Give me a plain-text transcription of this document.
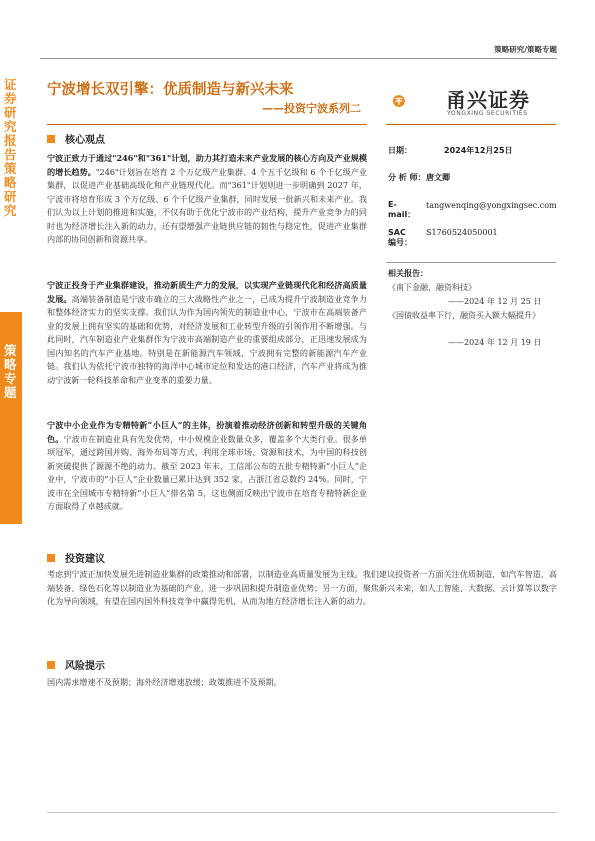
策略研究/策略专题
证券研究报告策略研究
策略专题
宁波增长双引擎：优质制造与新兴未来
——投资宁波系列二	甬兴证券
YONGXING SECURITIES
核心观点
宁波正致力于通过"246"和"361"计划，助力其打造未来产业发展的核心方向及产业规模的增长趋势。"246"计划旨在培育 2 个万亿级产业集群、4 个五千亿级和 6 个千亿级产业集群，以促进产业基础高级化和产业链现代化。而"361"计划则进一步明确到 2027 年，宁波市将培育形成 3 个万亿级、6 个千亿级产业集群，同时发展一批新兴和未来产业。我们认为以上计划的推进和实施，不仅有助于优化宁波市的产业结构，提升产业竞争力的同时也为经济增长注入新的动力，还有望增强产业链供应链的韧性与稳定性，促进产业集群内部的协同创新和资源共享。
宁波正投身于产业集群建设，推动新质生产力的发展，以实现产业链现代化和经济高质量发展。高端装备制造是宁波市确立的三大战略性产业之一，已成为提升宁波制造业竞争力和整体经济实力的坚实支撑。我们认为作为国内领先的制造业中心，宁波市在高端装备产业的发展上拥有坚实的基础和优势，对经济发展和工业转型升级的引领作用不断增强。与此同时，汽车制造业产业集群作为宁波市高端制造产业的重要组成部分，正迅速发展成为国内知名的汽车产业基地。特别是在新能源汽车领域，宁波拥有完整的新能源汽车产业链。我们认为依托宁波市独特的海洋中心城市定位和发达的港口经济，汽车产业将成为推动宁波新一轮科技革命和产业变革的重要力量。
宁波中小企业作为专精特新“小巨人”的主体，扮演着推动经济创新和转型升级的关键角色。宁波市在制造业具有先发优势，中小规模企业数量众多，覆盖多个大类行业。很多单项冠军，通过跨国并购、海外布局等方式，利用全球市场、资源和技术，为中国的科技创新突破提供了源源不绝的动力。截至 2023 年末，工信部公布的五批专精特新“小巨人”企业中，宁波市的“小巨人”企业数量已累计达到 352 家，占浙江省总数约 24%。同时，宁波市在全国城市专精特新“小巨人”排名第 5，这也侧面反映出宁波市在培育专精特新企业方面取得了卓越成就。
投资建议
考虑到宁波正加快发展先进制造业集群的政策推动和部署，以制造业高质量发展为主线。我们建议投资者一方面关注优质制造，如汽车智造、高端装备、绿色石化等以制造业为基础的产业，进一步巩固和提升制造业优势；另一方面，聚焦新兴未来，如人工智能、大数据、云计算等以数字化为导向领域，有望在国内国外科技竞争中赢得先机，从而为地方经济增长注入新的动力。
风险提示
国内需求增速不及预期；海外经济增速放缓；政策推进不及预期。
日期：	2024年12月25日
分 析 师： 唐文卿
E-mail：
tangwenqing@yongxingsec.com
SAC 编号：
S1760524050001
相关报告：
《南下金融，融资科技》
——2024 年 12 月 25 日
《国债收益率下行，融资买入额大幅提升》
——2024 年 12 月 19 日
